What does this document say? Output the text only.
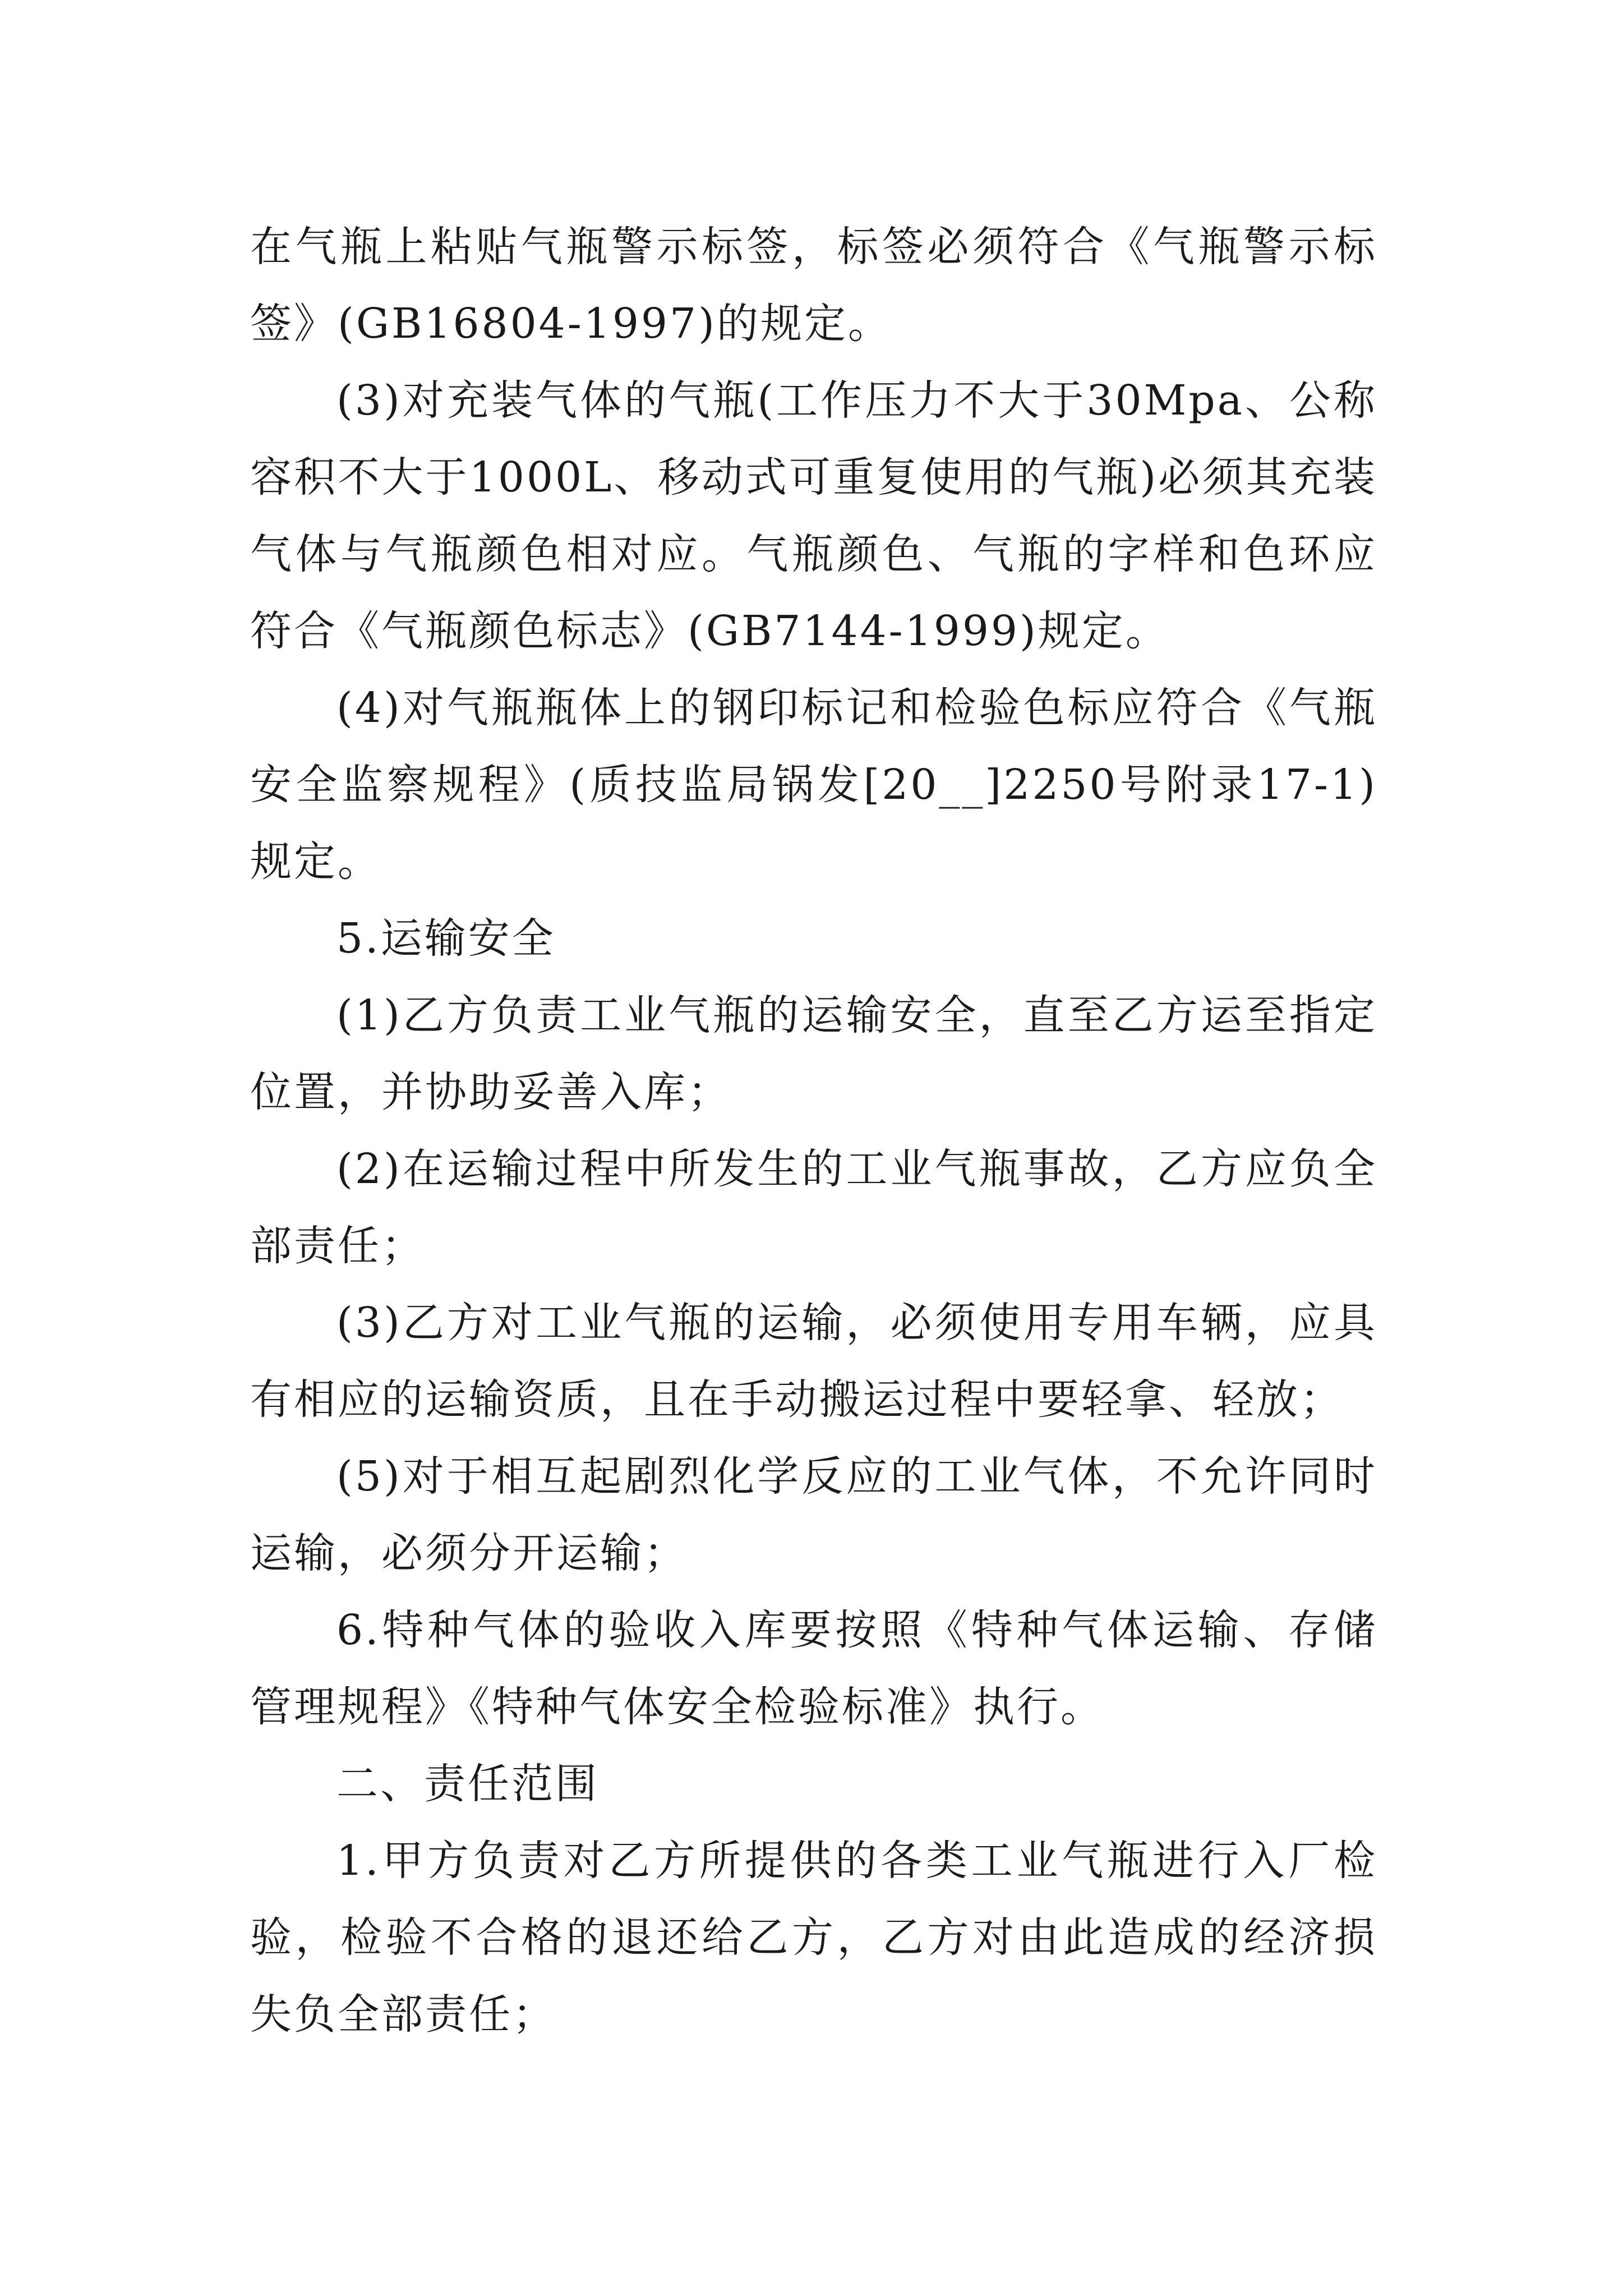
在气瓶上粘贴气瓶警示标签，标签必须符合《气瓶警示标签》(GB16804-1997)的规定。

(3)对充装气体的气瓶(工作压力不大于30Mpa、公称容积不大于1000L、移动式可重复使用的气瓶)必须其充装气体与气瓶颜色相对应。气瓶颜色、气瓶的字样和色环应符合《气瓶颜色标志》(GB7144-1999)规定。

(4)对气瓶瓶体上的钢印标记和检验色标应符合《气瓶安全监察规程》(质技监局锅发[20__]2250号附录17-1)规定。

5.运输安全

(1)乙方负责工业气瓶的运输安全，直至乙方运至指定位置，并协助妥善入库；

(2)在运输过程中所发生的工业气瓶事故，乙方应负全部责任；

(3)乙方对工业气瓶的运输，必须使用专用车辆，应具有相应的运输资质，且在手动搬运过程中要轻拿、轻放；

(5)对于相互起剧烈化学反应的工业气体，不允许同时运输，必须分开运输；

6.特种气体的验收入库要按照《特种气体运输、存储管理规程》《特种气体安全检验标准》执行。

二、责任范围

1.甲方负责对乙方所提供的各类工业气瓶进行入厂检验，检验不合格的退还给乙方，乙方对由此造成的经济损失负全部责任；
